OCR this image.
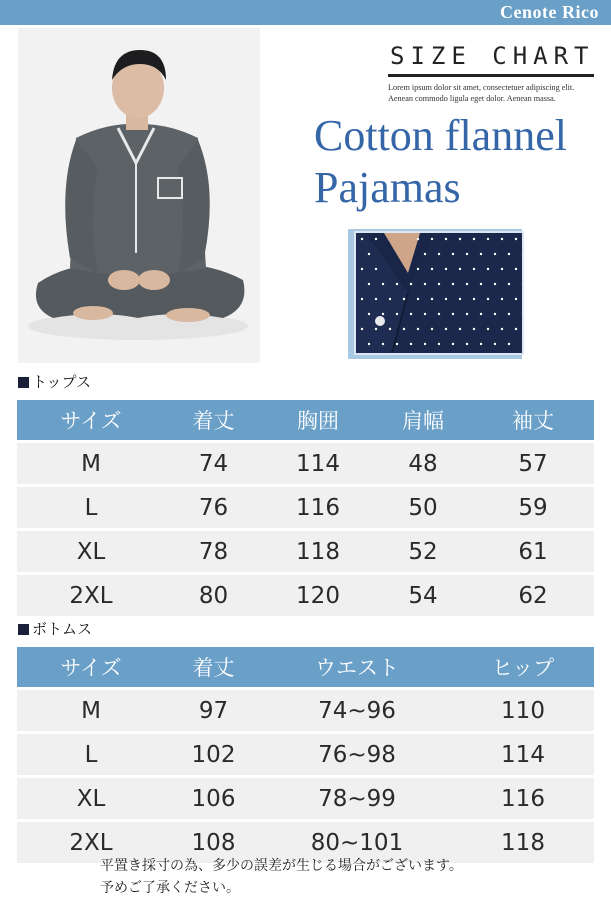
Cenote Rico
SIZE CHART
Lorem ipsum dolor sit amet, consectetuer adipiscing elit.
Aenean commodo ligula eget dolor. Aenean massa.
Cotton flannel
Pajamas
トップス
サイズ	着丈	胸囲	肩幅	袖丈
M	74	114	48	57
L	76	116	50	59
XL	78	118	52	61
2XL	80	120	54	62
ボトムス
サイズ	着丈	ウエスト	ヒップ
M	97	74~96	110
L	102	76~98	114
XL	106	78~99	116
2XL	108	80~101	118
平置き採寸の為、多少の誤差が生じる場合がございます。
予めご了承ください。
